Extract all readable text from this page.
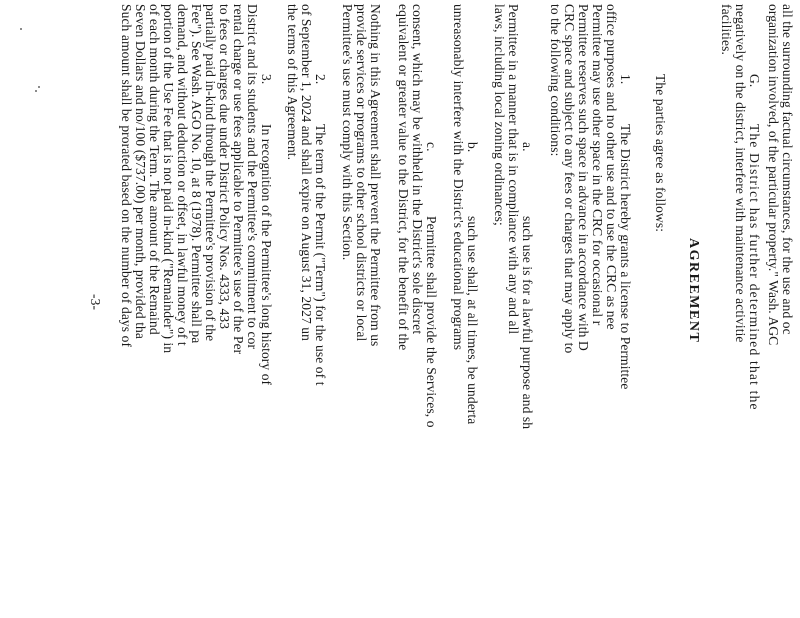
all the surrounding factual circumstances, for the use and oc
organization involved, of the particular property." Wash. AGC
negatively on the district, interfere with maintenance activitie
facilities.
G.
The District has further determined that the
AGREEMENT
The parties agree as follows:
1.
The District hereby grants a license to Permittee
office purposes and no other use and to use the CRC as nee
Permittee may use other space in the CRC for occasional r
Permittee reserves such space in advance in accordance with D
CRC space and subject to any fees or charges that may apply to
to the following conditions:
a.
such use is for a lawful purpose and sh
Permittee in a manner that is in compliance with any and all
laws, including local zoning ordinances;
b.
such use shall, at all times, be underta
unreasonably interfere with the District's educational programs
c.
Permittee shall provide the Services, o
consent, which may be withheld in the District's sole discret
equivalent or greater value to the District, for the benefit of the
Nothing in this Agreement shall prevent the Permittee from us
provide services or programs to other school districts or local
Permittee's use must comply with this Section.
2.
The term of the Permit ("Term") for the use of t
of September 1, 2024 and shall expire on August 31, 2027 un
the terms of this Agreement.
3.
In recognition of the Permittee's long history of
District and its students and the Permittee's commitment to cor
rental charge or use fees applicable to Permittee's use of the Per
to fees or charges due under District Policy Nos. 4333, 433
partially paid in-kind through the Permittee's provision of the
Fee"). See Wash. AGO No. 10, at 8 (1978). Permittee shall pa
demand, and without deduction or offset, in lawful money of t
portion of the Use Fee that is not paid in-kind ("Remainder") in
of each month during the Term. The amount of the Remaind
Seven Dollars and no/100 ($737.00) per month, provided tha
Such amount shall be prorated based on the number of days of
-3-
